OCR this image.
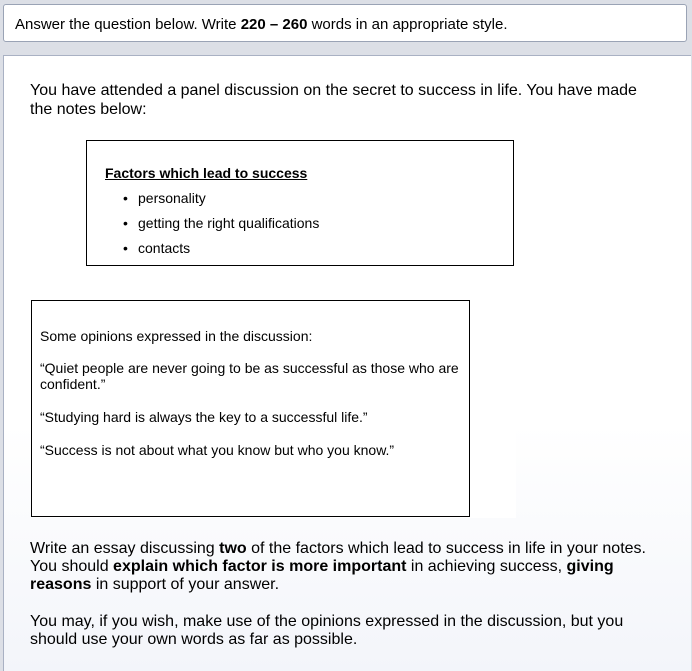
Answer the question below. Write 220 – 260 words in an appropriate style.
You have attended a panel discussion on the secret to success in life. You have made the notes below:
Factors which lead to success
• personality
• getting the right qualifications
• contacts
Some opinions expressed in the discussion:
“Quiet people are never going to be as successful as those who are confident.”
“Studying hard is always the key to a successful life.”
“Success is not about what you know but who you know.”
Write an essay discussing two of the factors which lead to success in life in your notes. You should explain which factor is more important in achieving success, giving reasons in support of your answer.
You may, if you wish, make use of the opinions expressed in the discussion, but you should use your own words as far as possible.
